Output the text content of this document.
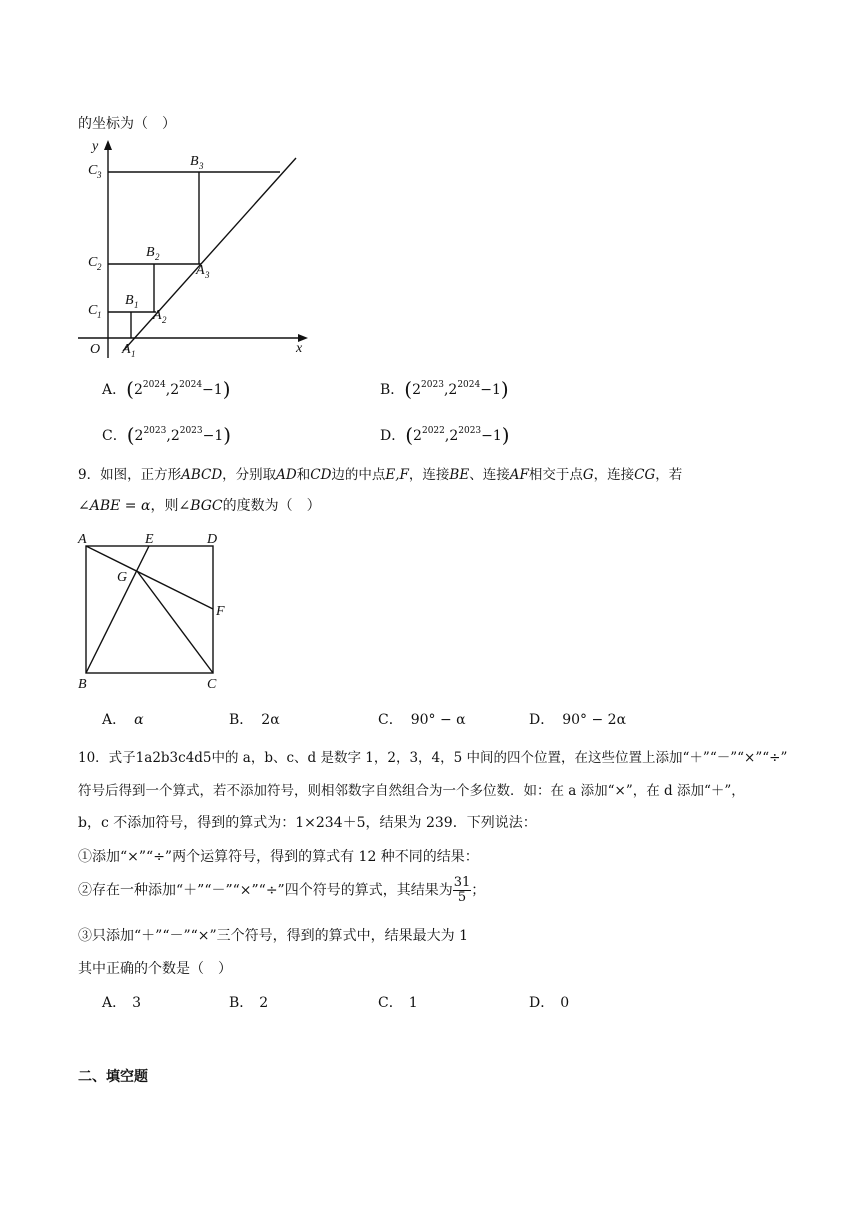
的坐标为（　）
y
x
O
C 1
C 2
C 3
B 1
B 2
B 3
A 1
A 2
A 3
A．$(2^{2024},2^{2024}-1)$	B．$(2^{2023},2^{2024}-1)$
C．$(2^{2023},2^{2023}-1)$	D．$(2^{2022},2^{2023}-1)$
9．如图，正方形ABCD，分别取AD和CD边的中点E,F，连接BE、连接AF相交于点G，连接CG，若
∠ABE = α，则∠BGC的度数为（　）
A	E	D
G
F
B	C
A． α	B． 2α	C． 90° − α	D． 90° − 2α
10．式子1a2b3c4d5中的 a，b、c、d 是数字 1，2，3，4，5 中间的四个位置，在这些位置上添加“＋”“－”“×”“÷”
符号后得到一个算式，若不添加符号，则相邻数字自然组合为一个多位数．如：在 a 添加“×”，在 d 添加“＋”，
b，c 不添加符号，得到的算式为：1×234＋5，结果为 239．下列说法：
①添加“×”“÷”两个运算符号，得到的算式有 12 种不同的结果：
②存在一种添加“＋”“－”“×”“÷”四个符号的算式，其结果为 $\frac{31}{5}$ ；
③只添加“＋”“－”“×”三个符号，得到的算式中，结果最大为 1
其中正确的个数是（　）
A． 3	B． 2	C． 1	D． 0
二、填空题
